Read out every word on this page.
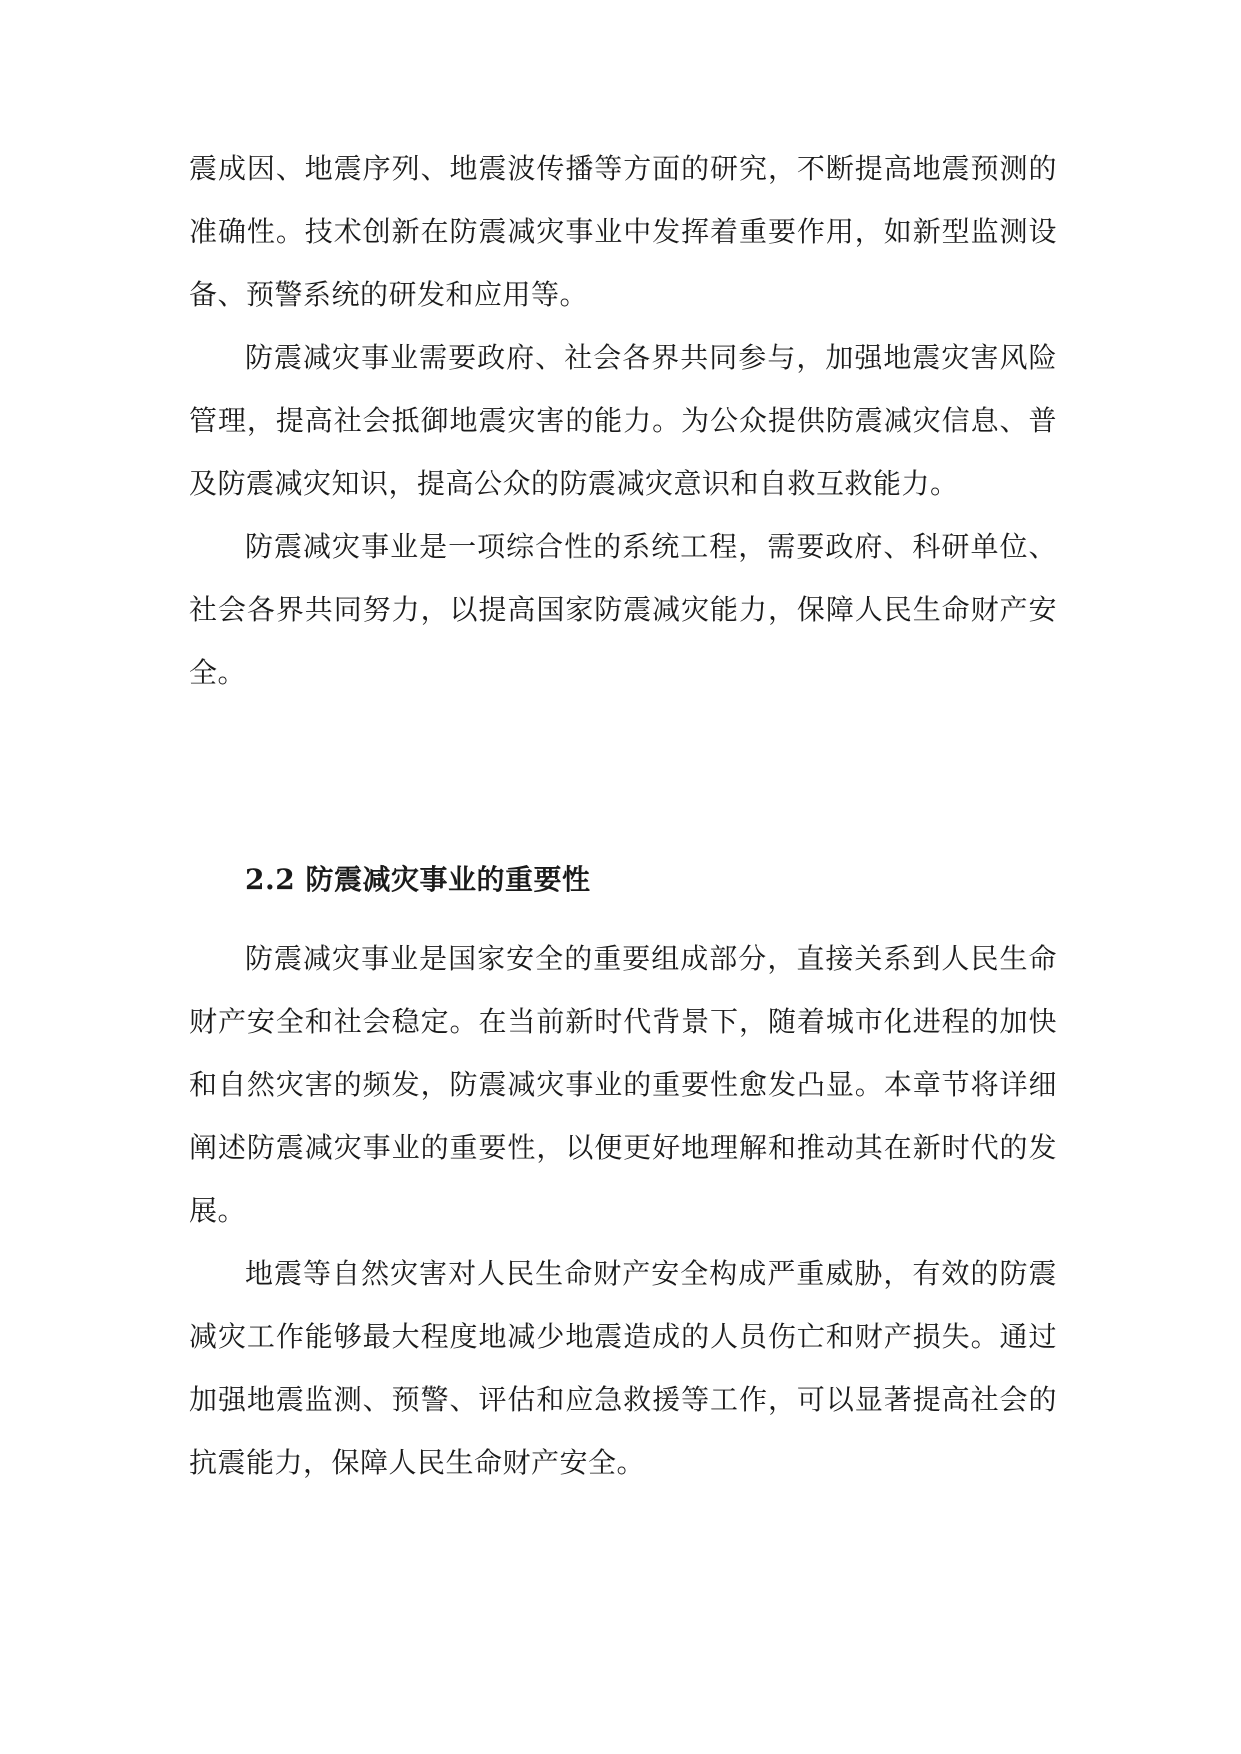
震成因、地震序列、地震波传播等方面的研究，不断提高地震预测的准确性。技术创新在防震减灾事业中发挥着重要作用，如新型监测设备、预警系统的研发和应用等。

防震减灾事业需要政府、社会各界共同参与，加强地震灾害风险管理，提高社会抵御地震灾害的能力。为公众提供防震减灾信息、普及防震减灾知识，提高公众的防震减灾意识和自救互救能力。

防震减灾事业是一项综合性的系统工程，需要政府、科研单位、社会各界共同努力，以提高国家防震减灾能力，保障人民生命财产安全。

2.2 防震减灾事业的重要性

防震减灾事业是国家安全的重要组成部分，直接关系到人民生命财产安全和社会稳定。在当前新时代背景下，随着城市化进程的加快和自然灾害的频发，防震减灾事业的重要性愈发凸显。本章节将详细阐述防震减灾事业的重要性，以便更好地理解和推动其在新时代的发展。

地震等自然灾害对人民生命财产安全构成严重威胁，有效的防震减灾工作能够最大程度地减少地震造成的人员伤亡和财产损失。通过加强地震监测、预警、评估和应急救援等工作，可以显著提高社会的抗震能力，保障人民生命财产安全。
